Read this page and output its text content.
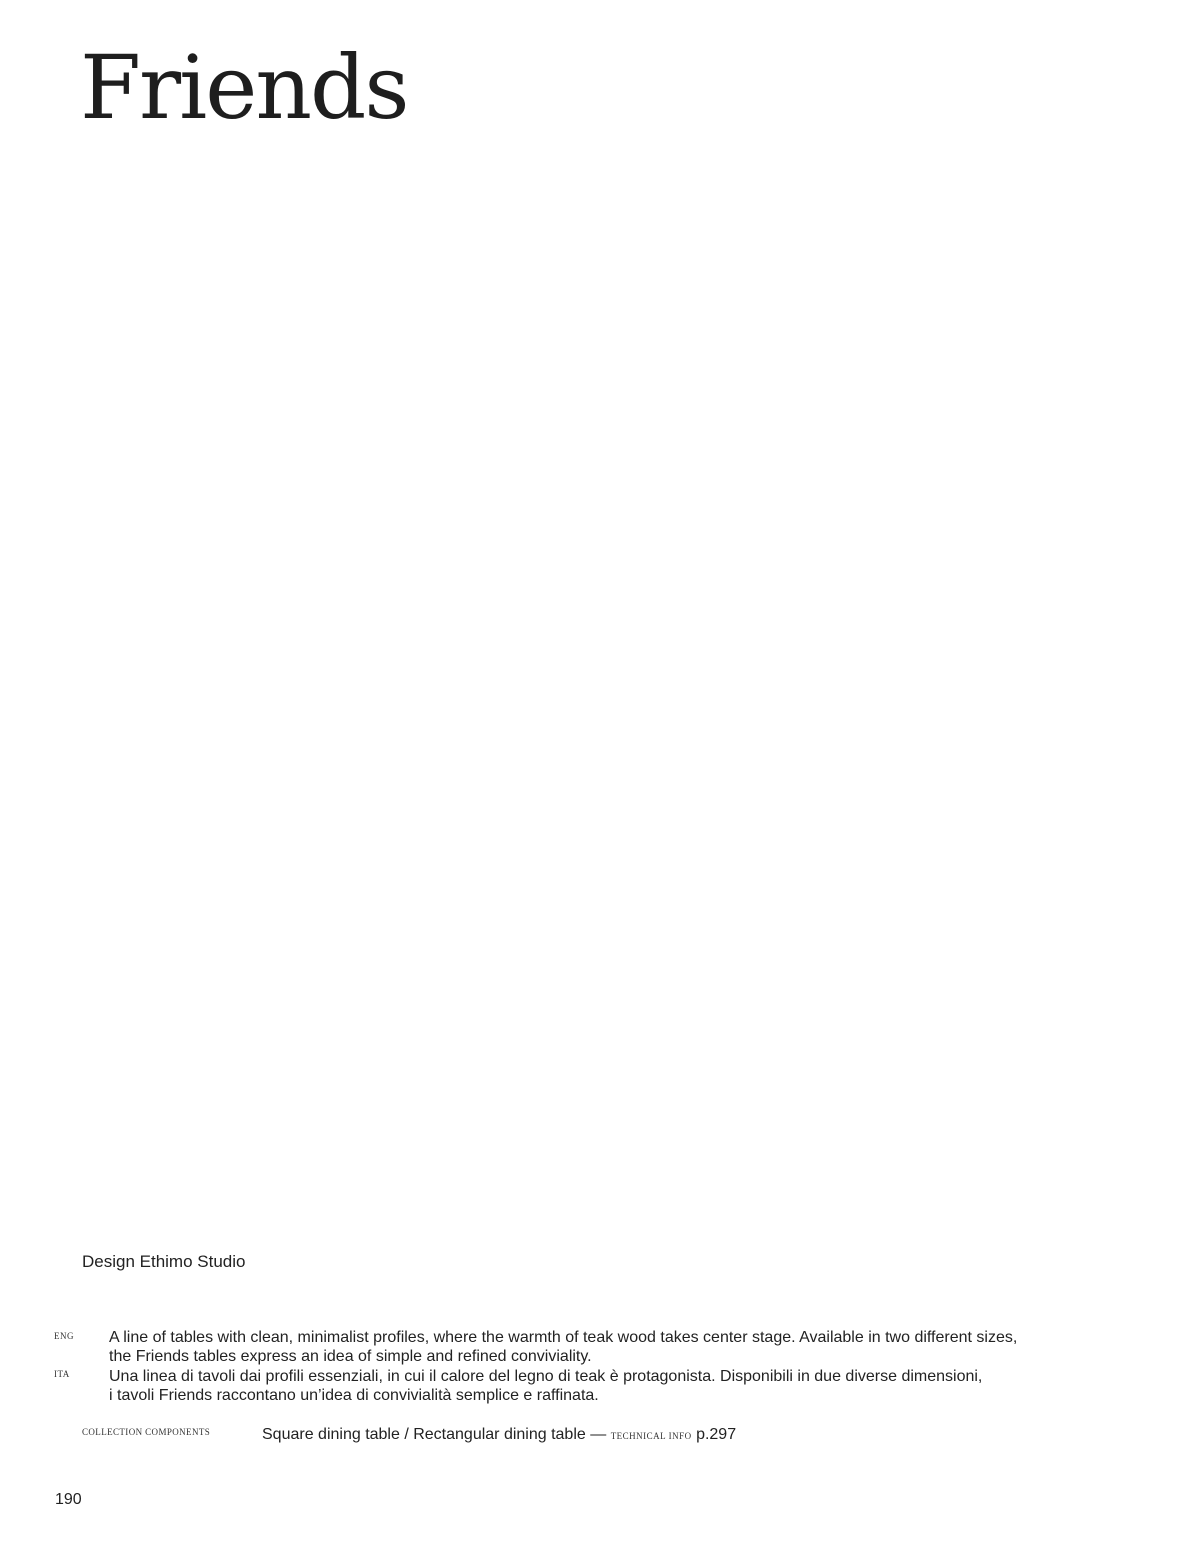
Friends
Design Ethimo Studio
ENG A line of tables with clean, minimalist profiles, where the warmth of teak wood takes center stage. Available in two different sizes,
the Friends tables express an idea of simple and refined conviviality.
ITA Una linea di tavoli dai profili essenziali, in cui il calore del legno di teak è protagonista. Disponibili in due diverse dimensioni,
i tavoli Friends raccontano un’idea di convivialità semplice e raffinata.
COLLECTION COMPONENTS	Square dining table / Rectangular dining table — TECHNICAL INFO p.297
190
